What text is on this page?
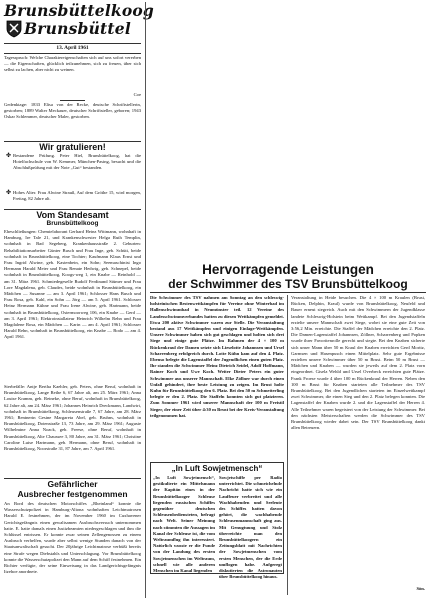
Brunsbüttelkoog
Brunsbüttel
13. April 1961
Tagesspruch: Welche Charaktereigenschaften sich auf uns sofort vererben — die Eigenschaften, glücklich teilzunehmen, sich zu freuen, über sich selbst zu lachen, aber nicht zu weinen.
Coe
Gedenktage: 1833 Elisa von der Recke, deutsche Schriftstellerin, gestorben; 1889 Walter Meckauer, deutscher Schriftsteller, geboren; 1943 Oskar Schlemmer, deutscher Maler, gestorben.
Wir gratulieren!
✤ Bestandene Prüfung. Peter Hiel, Brunsbüttelkoog, hat die Hotelfachschule von W. Kemmer, München-Pasing, besucht und die Abschlußprüfung mit der Note „Gut“ bestanden.
✤ Hohes Alter. Frau Alwine Strauß, Auf dem Gröthe 15, wird morgen, Freitag, 82 Jahre alt.
Vom Standesamt
Brunsbüttelkoog
Eheschließungen: Chemielaborant Gerhard Heinz Wittmann, wohnhaft in Hamburg, Ire Tale 21, und Krankenschwester Helga Ruth Templin, wohnhaft in Bad Segeberg, Krankenhausstraße 2. Geburten: Rehabilitationsarbeiter Günter Busch und Frau Inge, geb. Schütt, beide wohnhaft in Brunsbüttelkoog, eine Tochter; Kaufmann Klaus Ernst und Frau Ingrid Alwine, geb. Kastenbein, ein Sohn; Seemaschinist Ingo Hermann Harald Meier und Frau Renate Hedwig, geb. Schnepel, beide wohnhaft in Brunsbüttelkoog, Koogs-weg 1, ein Knabe — Reinhold — am 31. März 1961. Schmiedegeselle Rudolf Ferdinand Stümer und Frau Lore Magdalena, geb. Claudes, beide wohnhaft in Brunsbüttelkoog, ein Mädchen — Susanne — am 3. April 1961; Schlosser Hans Busch und Frau Rosa, geb. Kahl, ein Sohn — Jörg — am 5. April 1961. Schlosser Heinz Hermann Kühne und Frau Irene Alwine, geb. Hartmann, beide wohnhaft in Brunsbüttelkoog, Ostermoorweg 106, ein Knabe — Gerd — am 3. April 1961; Elektroinstallateur Heinrich Wilhelm Rehn und Frau Magdalene Rosa, ein Mädchen — Karin — am 4. April 1961; Schlosser Harald Rehn, wohnhaft in Brunsbüttelkoog, ein Knabe — Bodo — am 4. April 1961.
Sterbefälle: Antje Bertha Kaehler, geb. Peters, ohne Beruf, wohnhaft in Brunsbüttelkoog, Lange Reihe 6, 67 Jahre alt, am 25. März 1961; Anna Louise Kramm, geb. Reineke, ohne Beruf, wohnhaft in Brunsbüttelkoog, 62 Jahre alt, am 24. März 1961; Johannes Heinrich Dreckmann, Landwirt, wohnhaft in Brunsbüttelkoog, Schleusenstraße 7, 67 Jahre, am 28. März 1961; Rentnerin Gesine Margareta Abel, geb. Bruhns, wohnhaft in Brunsbüttelkoog, Dotenstraße 13, 73 Jahre, am 29. März 1961; Auguste Wilhelmine Anna Noack, geb. Freese, ohne Beruf, wohnhaft in Brunsbüttelkoog, Alte Chaussee 3, 80 Jahre, am 31. März 1961; Christine Caroline Luise Hartmann, geb. Hermann, ohne Beruf, wohnhaft in Brunsbüttelkoog, Noorstraße 31, 87 Jahre, am 7. April 1961.
Gefährlicher
Ausbrecher festgenommen
An Bord des deutschen Motorschiffes „Rheinland“ konnte die Wasserschutzpolizei in Hamburg-Altona wohnhaften Leichtmatrosen Harald E. festnehmen, der im November 1960 im Cuxhavener Gerichtsgefängnis einen gewaltsamen Ausbruchsversuch unternommen hatte. E. hatte damals einen Justizbeamten niedergeschlagen und ihm die Schlüssel entrissen. Er konnte zwar seinen Zellengenossen zu einem Ausbruch verhelfen, wurde aber selbst wenige Stunden danach von der Staatsanwaltschaft gesucht. Der 20jährige Leichtmatrose verbüßt bereits eine Strafe wegen Diebstahls und Unterschlagung. Vor Brunsbüttelkoog konnte die Wasserschutzpolizei den Mann auf dem Schiff festnehmen. Ein Richter verfügte, der seine Einweisung in das Landgerichtsgefängnis Itzehoe anordnete.
Hervorragende Leistungen
der Schwimmer des TSV Brunsbüttelkoog
Die Schwimmer des TSV nahmen am Sonntag an den schleswig-holsteinischen Bestenwettkämpfen für Vereine ohne Winterbad im Hallenschwimmbad in Neumünster teil. 12 Vereine des Landesschwimmverbandes hatten zu diesen Wettkämpfen gemeldet. Etwa 200 aktive Schwimmer waren zur Stelle. Die Veranstaltung bestand aus 17 Wettkämpfen und einigen Einlage-Wettkämpfen. Unsere Schwimmer haben sich gut geschlagen und holten sich drei Siege und einige gute Plätze. Im Rahmen der 4 × 100 m Rückenkraul der Damen setzte sich Lieselotte Johannsen und Ursel Scharrenberg erfolgreich durch. Lotte Kühn kam auf den 4. Platz. Ebenso belegte die Lagenstaffel der Jugendlichen einen guten Platz. Ihr standen die Schwimmer Heinz Dietrich Seidel, Adolf Hoffmann, Rainer Koch und Uwe Koch. Weiter Dieter Peters ein guter Schwimmer aus unserer Mannschaft. Elke Zöllner war durch einen Unfall gehindert, ihre beste Leistung zu zeigen. Im Brust holte Kuhn für Brunsbüttelkoog den 6. Platz. Bei den 50 m Schmetterling belegte er den 2. Platz. Die Staffeln konnten sich gut platzieren. Zum Sommer 1961 wird unserer Mannschaft der 100 m Freistil Sieger, der einer Zeit über 4:30 m Brust bei der Kreis-Veranstaltung teilgenommen hat.
Veranstaltung in Heide besuchen. Die 4 × 100 m Kraulen (Brust, Rücken, Delphin, Kraul) wurde von Brunsbüttelkoog, Neufeld und Bauer erneut siegreich. Auch mit den Schwimmern der Jugendklasse landete Schleswig-Holstein beim Wettkampf. Bei den Jugendstaffeln erzielte unsere Mannschaft zwei Siege, wobei sie eine gute Zeit von 3:56,2 Min. erreichte. Die Staffel der Mädchen erreichte den 2. Platz. Die Damen-Lagenstaffel Johannsen, Zöllner, Scharrenberg und Popken wurde ihrer Favoritenrolle gerecht und siegte. Bei den Knaben sicherte sich unser Mann über 50 m Kraul der Knaben erreichten Gerd Moritz, Garmsen und Hasenpusch einen Mittelplatz. Sehr gute Ergebnisse erzielten unsere Schwimmer über 50 m Brust. Beim 50 m Brust — Mädchen und Knaben — wurden sie jeweils auf dem 2. Platz vorn eingeordnet. Gisela Wehld und Ursel Overbeck erreichten gute Plätze. Frank Froese wurde 4 über 100 m Rückenkraul der Herren. Neben den 100 m Brust für Knaben starteten alle Teilnehmer des TSV Brunsbüttelkoog. Bei den Jugendlichen starteten im Einzelwettkampf zwei Schwimmer, die einen Sieg und den 2. Platz belegen konnten. Die Lagenstaffel der Knaben wurde 2. und die Lagenstaffel der Herren 4. Alle Teilnehmer waren begeistert von der Leistung der Schwimmer. Bei den nächsten Meisterschaften werden die Schwimmer des TSV Brunsbüttelkoog wieder dabei sein. Der TSV Brunsbüttelkoog dankt allen Betreuern.
Sön.
„In Luft Sowjetmensch“
„In Luft Sowjetmensch“, gestikulierte ein Mittelsmann der Kapitän eines in der Brunsbüttelkooger Schleuse liegenden russischen Schiffes gegenüber deutschen Schleusenbediensteten, befragt nach Welt. Seiner Meinung nach stimmten die Aussagen im Kanal der Schleuse ist, die vom Weltraumflug ihn interessiert. Natürlich wusste er die Funde von der Landung des ersten Sowjetmenschen im Weltraum, schnell wie alle anderen Menschen im Kanal liegenden
Sowjetschiffe per Radio unterrichtet. Die schmeichelnde Nachricht hatte sich wie ein Lauffeuer verbreitet und alle Wachhabenden und Seeleute des Schiffes hatten davon gehört, die wachhabende Schleusenmannschaft ging aus. Mit Genugtuung und Stolz überreichte man den Brunsbüttelkoogern ein Zeitungsblatt mit Nachrichten der Sowjetmenschen vom ersten Menschen, der die Erde umflogen habe. Aufgeregt diskutierten die Astronauten über Brunsbüttelkoog hinaus.
